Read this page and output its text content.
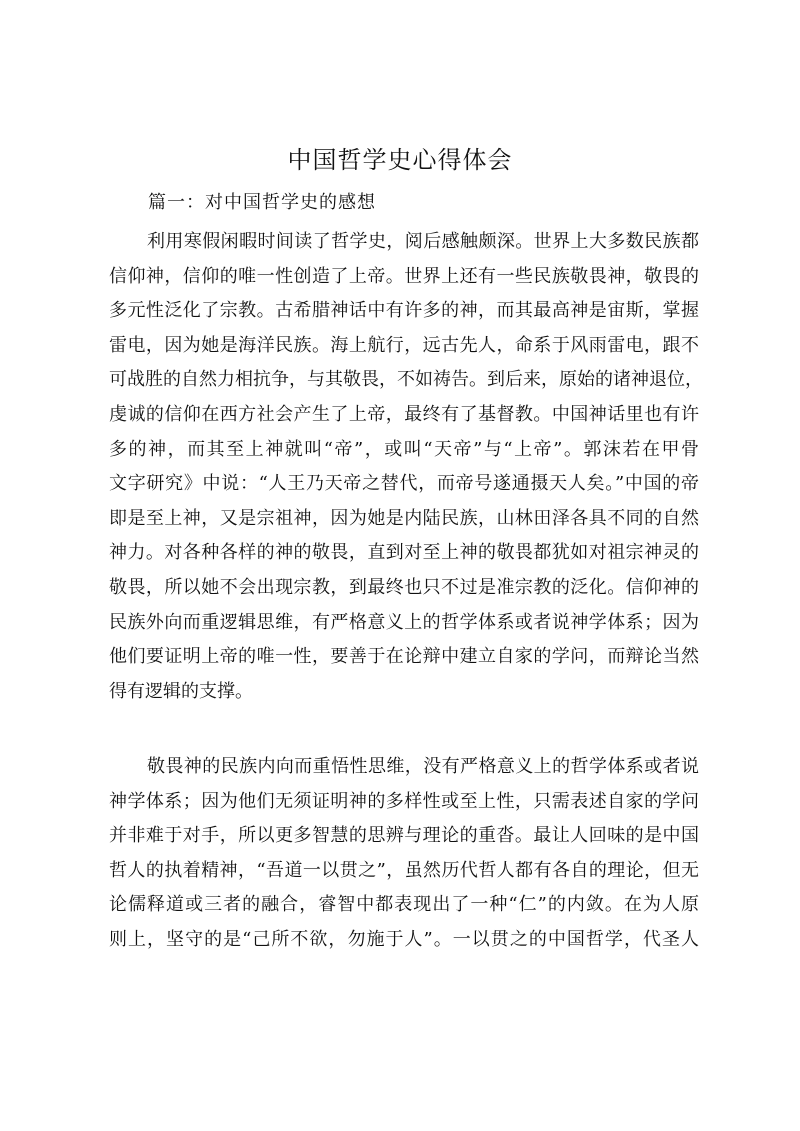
中国哲学史心得体会
篇一：对中国哲学史的感想
利用寒假闲暇时间读了哲学史，阅后感触颇深。世界上大多数民族都
信仰神，信仰的唯一性创造了上帝。世界上还有一些民族敬畏神，敬畏的
多元性泛化了宗教。古希腊神话中有许多的神，而其最高神是宙斯，掌握
雷电，因为她是海洋民族。海上航行，远古先人，命系于风雨雷电，跟不
可战胜的自然力相抗争，与其敬畏，不如祷告。到后来，原始的诸神退位，
虔诚的信仰在西方社会产生了上帝，最终有了基督教。中国神话里也有许
多的神，而其至上神就叫“帝”，或叫“天帝”与“上帝”。郭沫若在甲骨
文字研究》中说：“人王乃天帝之替代，而帝号遂通摄天人矣。”中国的帝
即是至上神，又是宗祖神，因为她是内陆民族，山林田泽各具不同的自然
神力。对各种各样的神的敬畏，直到对至上神的敬畏都犹如对祖宗神灵的
敬畏，所以她不会出现宗教，到最终也只不过是准宗教的泛化。信仰神的
民族外向而重逻辑思维，有严格意义上的哲学体系或者说神学体系；因为
他们要证明上帝的唯一性，要善于在论辩中建立自家的学问，而辩论当然
得有逻辑的支撑。
敬畏神的民族内向而重悟性思维，没有严格意义上的哲学体系或者说
神学体系；因为他们无须证明神的多样性或至上性，只需表述自家的学问
并非难于对手，所以更多智慧的思辨与理论的重沓。最让人回味的是中国
哲人的执着精神，“吾道一以贯之”，虽然历代哲人都有各自的理论，但无
论儒释道或三者的融合，睿智中都表现出了一种“仁”的内敛。在为人原
则上，坚守的是“己所不欲，勿施于人”。一以贯之的中国哲学，代圣人
